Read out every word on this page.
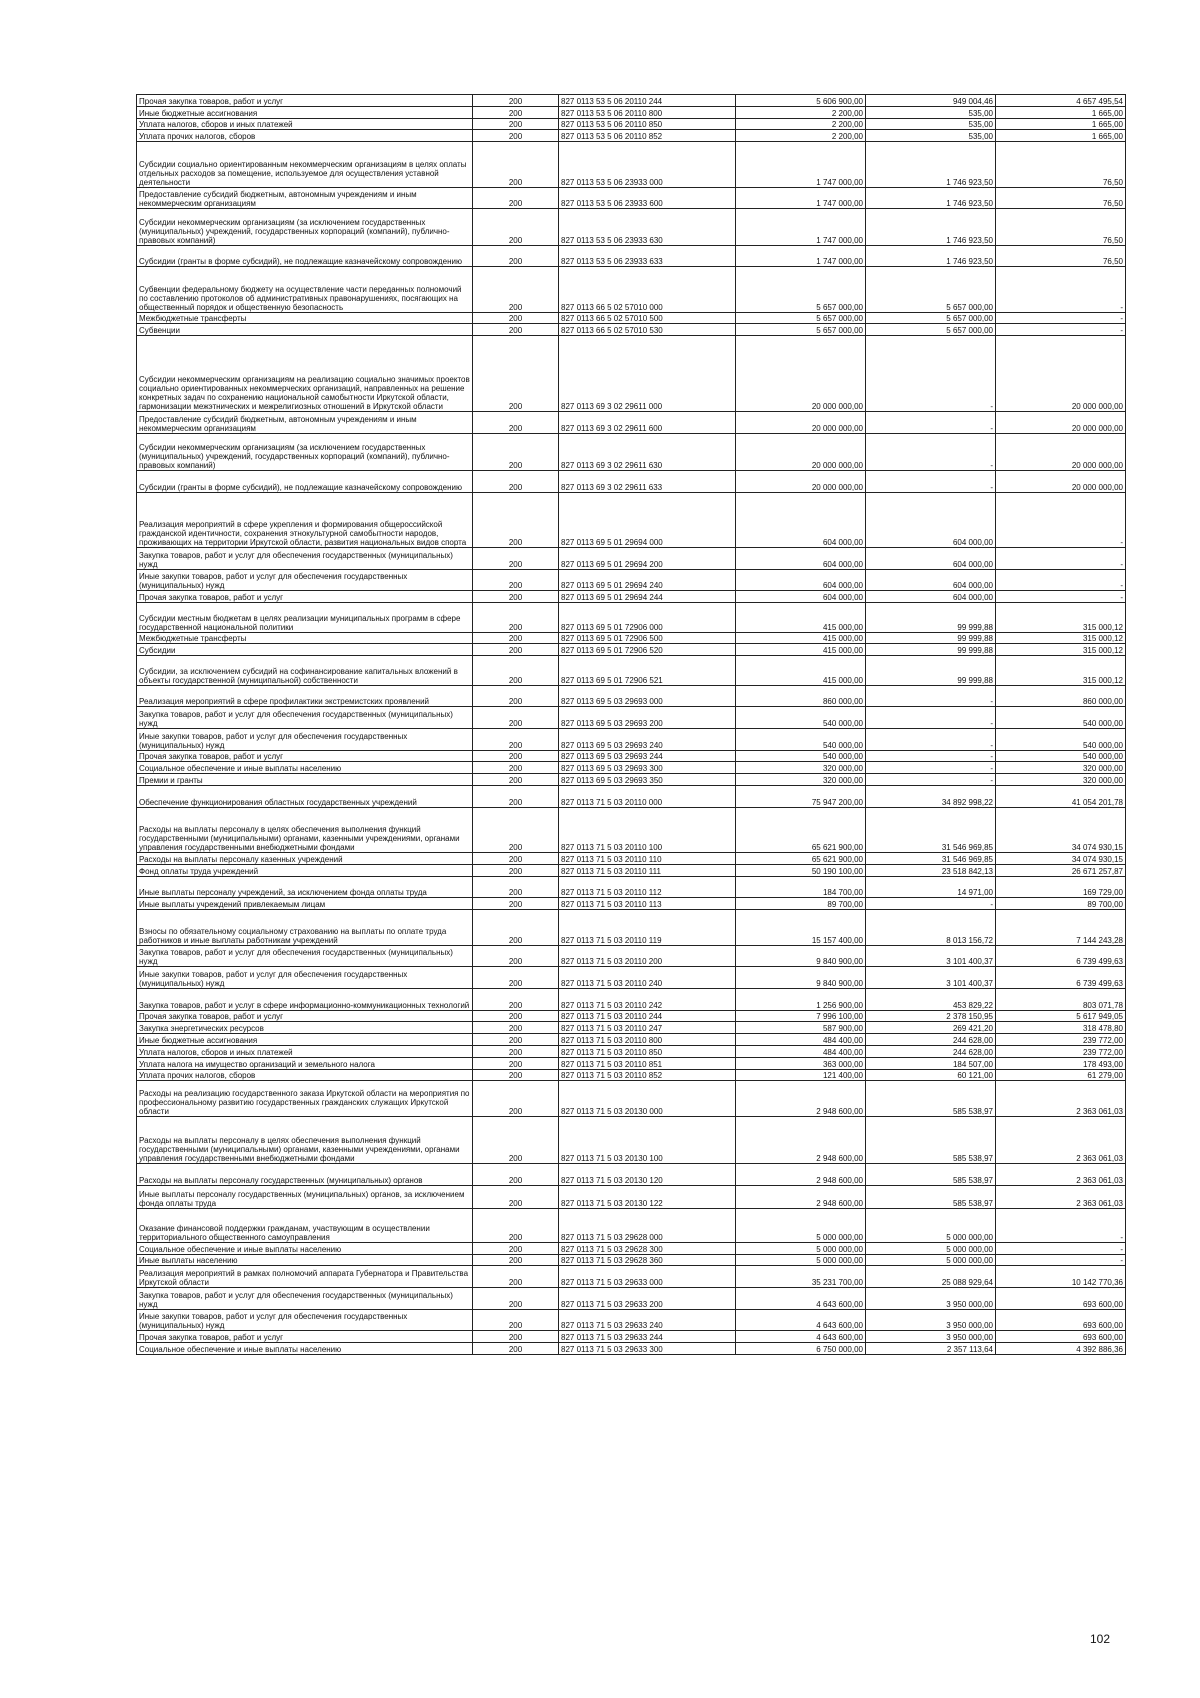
Прочая закупка товаров, работ и услуг	200	827 0113 53 5 06 20110 244	5 606 900,00	949 004,46	4 657 495,54
Иные бюджетные ассигнования	200	827 0113 53 5 06 20110 800	2 200,00	535,00	1 665,00
Уплата налогов, сборов и иных платежей	200	827 0113 53 5 06 20110 850	2 200,00	535,00	1 665,00
Уплата прочих налогов, сборов	200	827 0113 53 5 06 20110 852	2 200,00	535,00	1 665,00
Субсидии социально ориентированным некоммерческим организациям в целях оплаты отдельных расходов за помещение, используемое для осуществления уставной деятельности	200	827 0113 53 5 06 23933 000	1 747 000,00	1 746 923,50	76,50
Предоставление субсидий бюджетным, автономным учреждениям и иным некоммерческим организациям	200	827 0113 53 5 06 23933 600	1 747 000,00	1 746 923,50	76,50
Субсидии некоммерческим организациям (за исключением государственных (муниципальных) учреждений, государственных корпораций (компаний), публично-правовых компаний)	200	827 0113 53 5 06 23933 630	1 747 000,00	1 746 923,50	76,50
Субсидии (гранты в форме субсидий), не подлежащие казначейскому сопровождению	200	827 0113 53 5 06 23933 633	1 747 000,00	1 746 923,50	76,50
Субвенции федеральному бюджету на осуществление части переданных полномочий по составлению протоколов об административных правонарушениях, посягающих на общественный порядок и общественную безопасность	200	827 0113 66 5 02 57010 000	5 657 000,00	5 657 000,00	-
Межбюджетные трансферты	200	827 0113 66 5 02 57010 500	5 657 000,00	5 657 000,00	-
Субвенции	200	827 0113 66 5 02 57010 530	5 657 000,00	5 657 000,00	-
Субсидии некоммерческим организациям на реализацию социально значимых проектов социально ориентированных некоммерческих организаций, направленных на решение конкретных задач по сохранению национальной самобытности Иркутской области, гармонизации межэтнических и межрелигиозных отношений в Иркутской области	200	827 0113 69 3 02 29611 000	20 000 000,00	-	20 000 000,00
Предоставление субсидий бюджетным, автономным учреждениям и иным некоммерческим организациям	200	827 0113 69 3 02 29611 600	20 000 000,00	-	20 000 000,00
Субсидии некоммерческим организациям (за исключением государственных (муниципальных) учреждений, государственных корпораций (компаний), публично-правовых компаний)	200	827 0113 69 3 02 29611 630	20 000 000,00	-	20 000 000,00
Субсидии (гранты в форме субсидий), не подлежащие казначейскому сопровождению	200	827 0113 69 3 02 29611 633	20 000 000,00	-	20 000 000,00
Реализация мероприятий в сфере укрепления и формирования общероссийской гражданской идентичности, сохранения этнокультурной самобытности народов, проживающих на территории Иркутской области, развития национальных видов спорта	200	827 0113 69 5 01 29694 000	604 000,00	604 000,00	-
Закупка товаров, работ и услуг для обеспечения государственных (муниципальных) нужд	200	827 0113 69 5 01 29694 200	604 000,00	604 000,00	-
Иные закупки товаров, работ и услуг для обеспечения государственных (муниципальных) нужд	200	827 0113 69 5 01 29694 240	604 000,00	604 000,00	-
Прочая закупка товаров, работ и услуг	200	827 0113 69 5 01 29694 244	604 000,00	604 000,00	-
Субсидии местным бюджетам в целях реализации муниципальных программ в сфере государственной национальной политики	200	827 0113 69 5 01 72906 000	415 000,00	99 999,88	315 000,12
Межбюджетные трансферты	200	827 0113 69 5 01 72906 500	415 000,00	99 999,88	315 000,12
Субсидии	200	827 0113 69 5 01 72906 520	415 000,00	99 999,88	315 000,12
Субсидии, за исключением субсидий на софинансирование капитальных вложений в объекты государственной (муниципальной) собственности	200	827 0113 69 5 01 72906 521	415 000,00	99 999,88	315 000,12
Реализация мероприятий в сфере профилактики экстремистских проявлений	200	827 0113 69 5 03 29693 000	860 000,00	-	860 000,00
Закупка товаров, работ и услуг для обеспечения государственных (муниципальных) нужд	200	827 0113 69 5 03 29693 200	540 000,00	-	540 000,00
Иные закупки товаров, работ и услуг для обеспечения государственных (муниципальных) нужд	200	827 0113 69 5 03 29693 240	540 000,00	-	540 000,00
Прочая закупка товаров, работ и услуг	200	827 0113 69 5 03 29693 244	540 000,00	-	540 000,00
Социальное обеспечение и иные выплаты населению	200	827 0113 69 5 03 29693 300	320 000,00	-	320 000,00
Премии и гранты	200	827 0113 69 5 03 29693 350	320 000,00	-	320 000,00
Обеспечение функционирования областных государственных учреждений	200	827 0113 71 5 03 20110 000	75 947 200,00	34 892 998,22	41 054 201,78
Расходы на выплаты персоналу в целях обеспечения выполнения функций государственными (муниципальными) органами, казенными учреждениями, органами управления государственными внебюджетными фондами	200	827 0113 71 5 03 20110 100	65 621 900,00	31 546 969,85	34 074 930,15
Расходы на выплаты персоналу казенных учреждений	200	827 0113 71 5 03 20110 110	65 621 900,00	31 546 969,85	34 074 930,15
Фонд оплаты труда учреждений	200	827 0113 71 5 03 20110 111	50 190 100,00	23 518 842,13	26 671 257,87
Иные выплаты персоналу учреждений, за исключением фонда оплаты труда	200	827 0113 71 5 03 20110 112	184 700,00	14 971,00	169 729,00
Иные выплаты учреждений привлекаемым лицам	200	827 0113 71 5 03 20110 113	89 700,00	-	89 700,00
Взносы по обязательному социальному страхованию на выплаты по оплате труда работников и иные выплаты работникам учреждений	200	827 0113 71 5 03 20110 119	15 157 400,00	8 013 156,72	7 144 243,28
Закупка товаров, работ и услуг для обеспечения государственных (муниципальных) нужд	200	827 0113 71 5 03 20110 200	9 840 900,00	3 101 400,37	6 739 499,63
Иные закупки товаров, работ и услуг для обеспечения государственных (муниципальных) нужд	200	827 0113 71 5 03 20110 240	9 840 900,00	3 101 400,37	6 739 499,63
Закупка товаров, работ и услуг в сфере информационно-коммуникационных технологий	200	827 0113 71 5 03 20110 242	1 256 900,00	453 829,22	803 071,78
Прочая закупка товаров, работ и услуг	200	827 0113 71 5 03 20110 244	7 996 100,00	2 378 150,95	5 617 949,05
Закупка энергетических ресурсов	200	827 0113 71 5 03 20110 247	587 900,00	269 421,20	318 478,80
Иные бюджетные ассигнования	200	827 0113 71 5 03 20110 800	484 400,00	244 628,00	239 772,00
Уплата налогов, сборов и иных платежей	200	827 0113 71 5 03 20110 850	484 400,00	244 628,00	239 772,00
Уплата налога на имущество организаций и земельного налога	200	827 0113 71 5 03 20110 851	363 000,00	184 507,00	178 493,00
Уплата прочих налогов, сборов	200	827 0113 71 5 03 20110 852	121 400,00	60 121,00	61 279,00
Расходы на реализацию государственного заказа Иркутской области на мероприятия по профессиональному развитию государственных гражданских служащих Иркутской области	200	827 0113 71 5 03 20130 000	2 948 600,00	585 538,97	2 363 061,03
Расходы на выплаты персоналу в целях обеспечения выполнения функций государственными (муниципальными) органами, казенными учреждениями, органами управления государственными внебюджетными фондами	200	827 0113 71 5 03 20130 100	2 948 600,00	585 538,97	2 363 061,03
Расходы на выплаты персоналу государственных (муниципальных) органов	200	827 0113 71 5 03 20130 120	2 948 600,00	585 538,97	2 363 061,03
Иные выплаты персоналу государственных (муниципальных) органов, за исключением фонда оплаты труда	200	827 0113 71 5 03 20130 122	2 948 600,00	585 538,97	2 363 061,03
Оказание финансовой поддержки гражданам, участвующим в осуществлении территориального общественного самоуправления	200	827 0113 71 5 03 29628 000	5 000 000,00	5 000 000,00	-
Социальное обеспечение и иные выплаты населению	200	827 0113 71 5 03 29628 300	5 000 000,00	5 000 000,00	-
Иные выплаты населению	200	827 0113 71 5 03 29628 360	5 000 000,00	5 000 000,00	-
Реализация мероприятий в рамках полномочий аппарата Губернатора и Правительства Иркутской области	200	827 0113 71 5 03 29633 000	35 231 700,00	25 088 929,64	10 142 770,36
Закупка товаров, работ и услуг для обеспечения государственных (муниципальных) нужд	200	827 0113 71 5 03 29633 200	4 643 600,00	3 950 000,00	693 600,00
Иные закупки товаров, работ и услуг для обеспечения государственных (муниципальных) нужд	200	827 0113 71 5 03 29633 240	4 643 600,00	3 950 000,00	693 600,00
Прочая закупка товаров, работ и услуг	200	827 0113 71 5 03 29633 244	4 643 600,00	3 950 000,00	693 600,00
Социальное обеспечение и иные выплаты населению	200	827 0113 71 5 03 29633 300	6 750 000,00	2 357 113,64	4 392 886,36
102
